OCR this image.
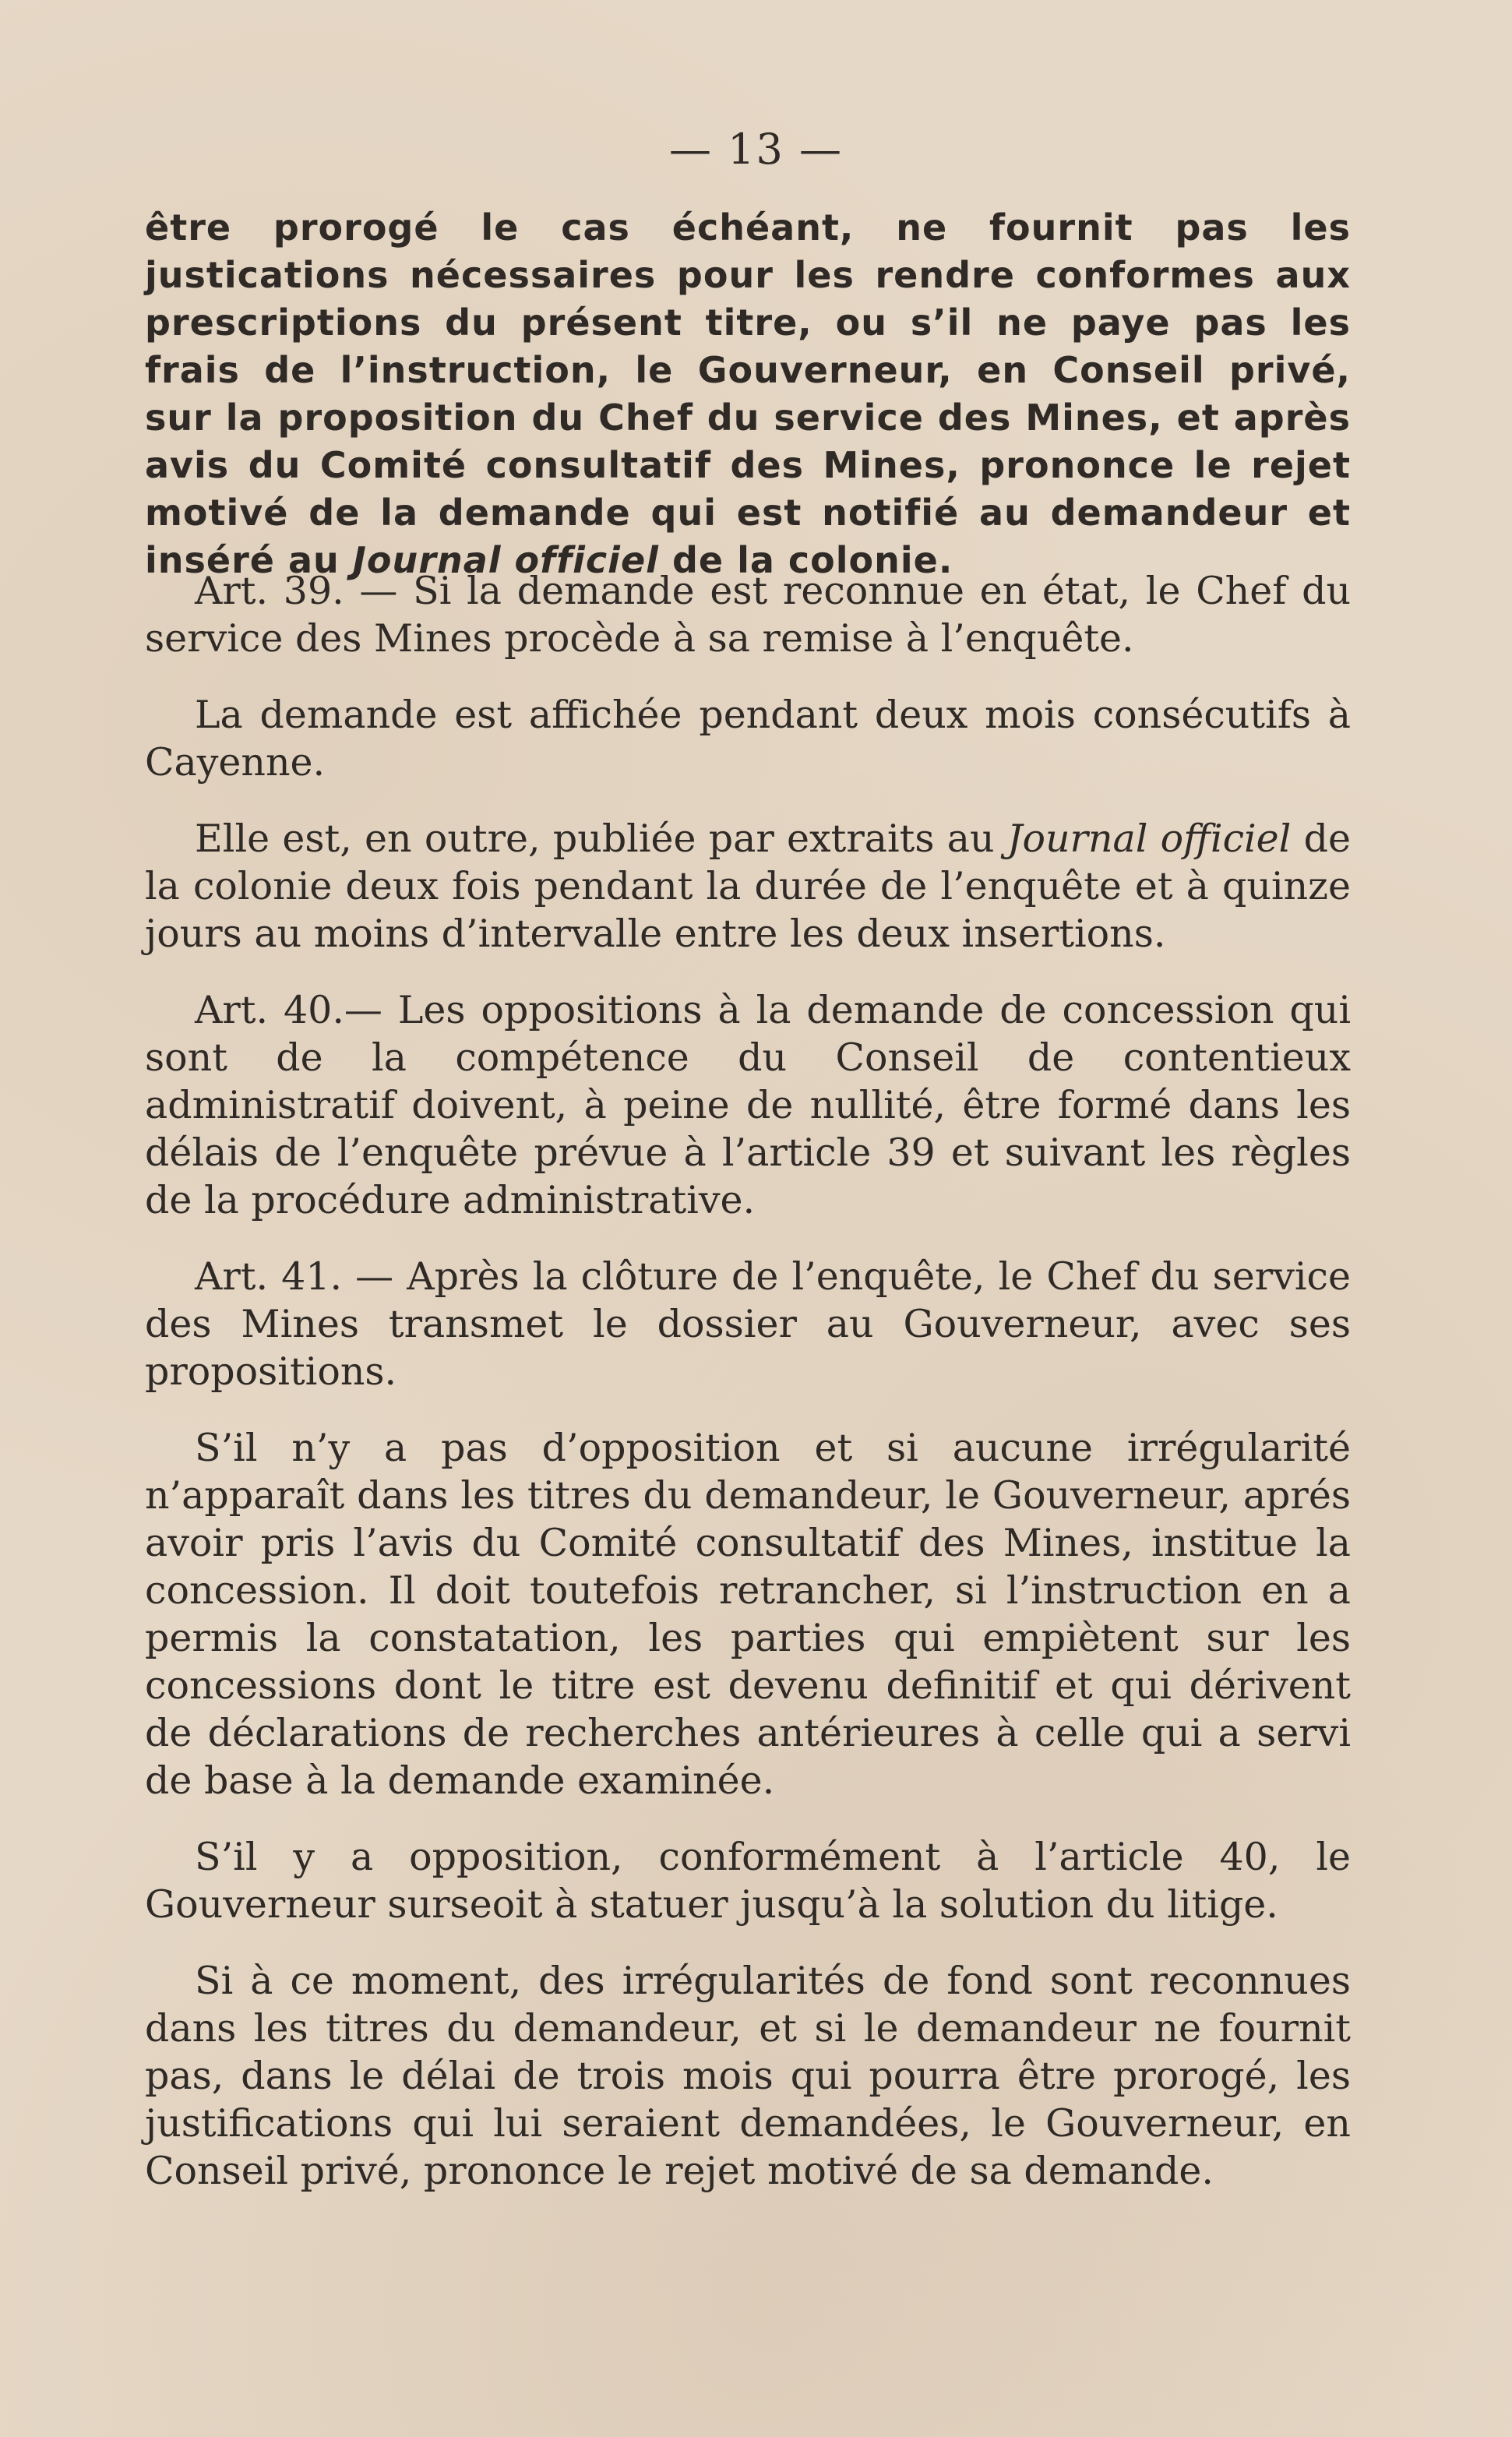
— 13 —

être prorogé le cas échéant, ne fournit pas les justications nécessaires pour les rendre conformes aux prescriptions du présent titre, ou s’il ne paye pas les frais de l’instruction, le Gouverneur, en Conseil privé, sur la proposition du Chef du service des Mines, et après avis du Comité consultatif des Mines, prononce le rejet motivé de la demande qui est notifié au demandeur et inséré au Journal officiel de la colonie.

Art. 39. — Si la demande est reconnue en état, le Chef du service des Mines procède à sa remise à l’enquête.

La demande est affichée pendant deux mois consécutifs à Cayenne.

Elle est, en outre, publiée par extraits au Journal officiel de la colonie deux fois pendant la durée de l’enquête et à quinze jours au moins d’intervalle entre les deux insertions.

Art. 40.— Les oppositions à la demande de concession qui sont de la compétence du Conseil de contentieux administratif doivent, à peine de nullité, être formé dans les délais de l’enquête prévue à l’article 39 et suivant les règles de la procédure administrative.

Art. 41. — Après la clôture de l’enquête, le Chef du service des Mines transmet le dossier au Gouverneur, avec ses propositions.

S’il n’y a pas d’opposition et si aucune irrégularité n’apparaît dans les titres du demandeur, le Gouverneur, aprés avoir pris l’avis du Comité consultatif des Mines, institue la concession. Il doit toutefois retrancher, si l’instruction en a permis la constatation, les parties qui empiètent sur les concessions dont le titre est devenu definitif et qui dérivent de déclarations de recherches antérieures à celle qui a servi de base à la demande examinée.

S’il y a opposition, conformément à l’article 40, le Gouverneur surseoit à statuer jusqu’à la solution du litige.

Si à ce moment, des irrégularités de fond sont reconnues dans les titres du demandeur, et si le demandeur ne fournit pas, dans le délai de trois mois qui pourra être prorogé, les justifications qui lui seraient demandées, le Gouverneur, en Conseil privé, prononce le rejet motivé de sa demande.
